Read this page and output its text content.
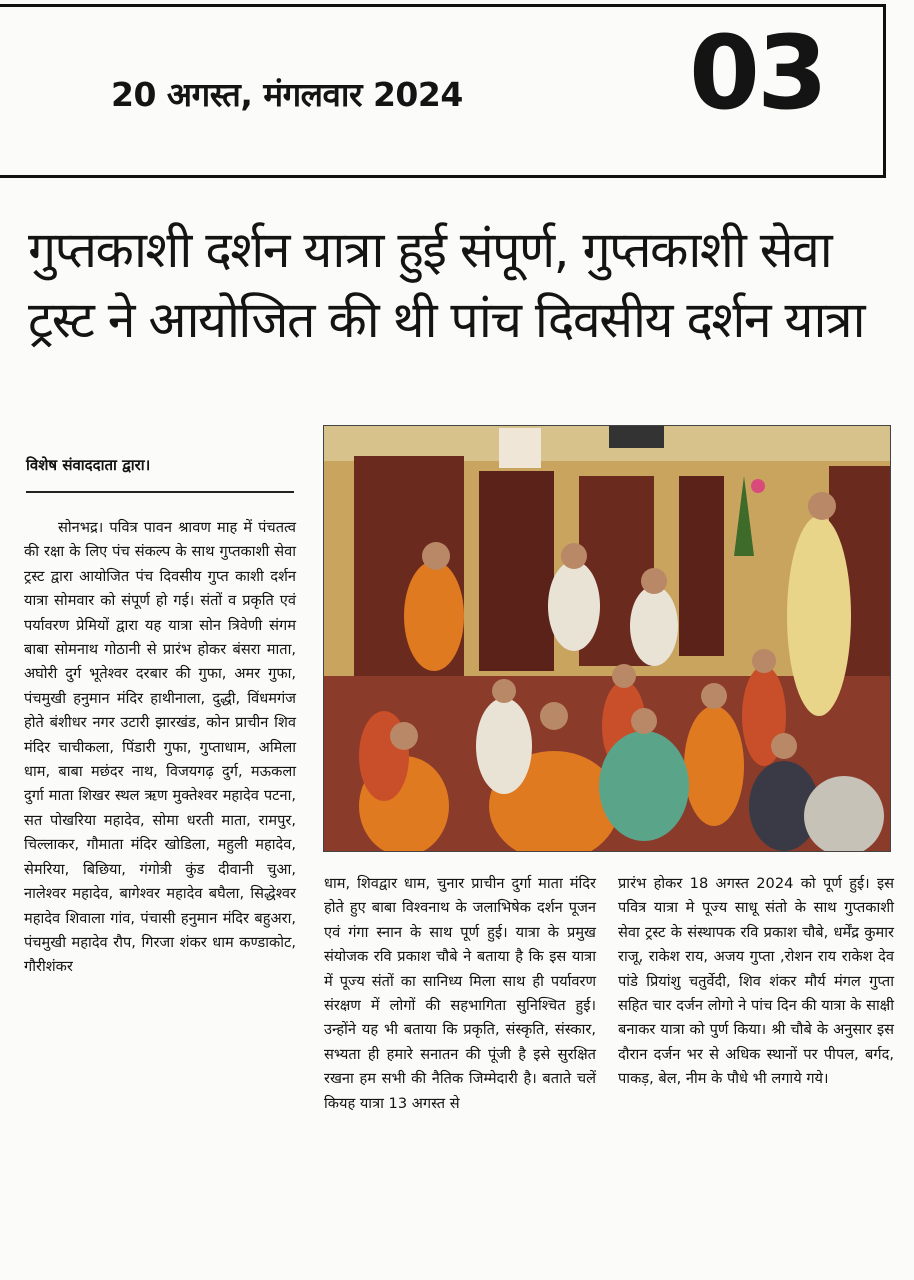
20 अगस्त, मंगलवार 2024 03
गुप्तकाशी दर्शन यात्रा हुई संपूर्ण, गुप्तकाशी सेवा
ट्रस्ट ने आयोजित की थी पांच दिवसीय दर्शन यात्रा
विशेष संवाददाता द्वारा।

सोनभद्र। पवित्र पावन श्रावण माह में पंचतत्व की रक्षा के लिए पंच संकल्प के साथ गुप्तकाशी सेवा ट्रस्ट द्वारा आयोजित पंच दिवसीय गुप्त काशी दर्शन यात्रा सोमवार को संपूर्ण हो गई। संतों व प्रकृति एवं पर्यावरण प्रेमियों द्वारा यह यात्रा सोन त्रिवेणी संगम बाबा सोमनाथ गोठानी से प्रारंभ होकर बंसरा माता, अघोरी दुर्ग भूतेश्वर दरबार की गुफा, अमर गुफा, पंचमुखी हनुमान मंदिर हाथीनाला, दुद्धी, विंधमगंज होते बंशीधर नगर उटारी झारखंड, कोन प्राचीन शिव मंदिर चाचीकला, पिंडारी गुफा, गुप्ताधाम, अमिला धाम, बाबा मछंदर नाथ, विजयगढ़ दुर्ग, मऊकला दुर्गा माता शिखर स्थल ऋण मुक्तेश्वर महादेव पटना, सत पोखरिया महादेव, सोमा धरती माता, रामपुर, चिल्लाकर, गौमाता मंदिर खोडिला, महुली महादेव, सेमरिया, बिछिया, गंगोत्री कुंड दीवानी चुआ, नालेश्वर महादेव, बागेश्वर महादेव बघैला, सिद्धेश्वर महादेव शिवाला गांव, पंचासी हनुमान मंदिर बहुअरा, पंचमुखी महादेव रौप, गिरजा शंकर धाम कण्डाकोट, गौरीशंकर

धाम, शिवद्वार धाम, चुनार प्राचीन दुर्गा माता मंदिर होते हुए बाबा विश्वनाथ के जलाभिषेक दर्शन पूजन एवं गंगा स्नान के साथ पूर्ण हुई। यात्रा के प्रमुख संयोजक रवि प्रकाश चौबे ने बताया है कि इस यात्रा में पूज्य संतों का सानिध्य मिला साथ ही पर्यावरण संरक्षण में लोगों की सहभागिता सुनिश्चित हुई। उन्होंने यह भी बताया कि प्रकृति, संस्कृति, संस्कार, सभ्यता ही हमारे सनातन की पूंजी है इसे सुरक्षित रखना हम सभी की नैतिक जिम्मेदारी है। बताते चलें कियह यात्रा 13 अगस्त से

प्रारंभ होकर 18 अगस्त 2024 को पूर्ण हुई। इस पवित्र यात्रा मे पूज्य साधू संतो के साथ गुप्तकाशी सेवा ट्रस्ट के संस्थापक रवि प्रकाश चौबे, धर्मेंद्र कुमार राजू, राकेश राय, अजय गुप्ता ,रोशन राय राकेश देव पांडे प्रियांशु चतुर्वेदी, शिव शंकर मौर्य मंगल गुप्ता सहित चार दर्जन लोगो ने पांच दिन की यात्रा के साक्षी बनाकर यात्रा को पुर्ण किया। श्री चौबे के अनुसार इस दौरान दर्जन भर से अधिक स्थानों पर पीपल, बर्गद, पाकड़, बेल, नीम के पौधे भी लगाये गये।
